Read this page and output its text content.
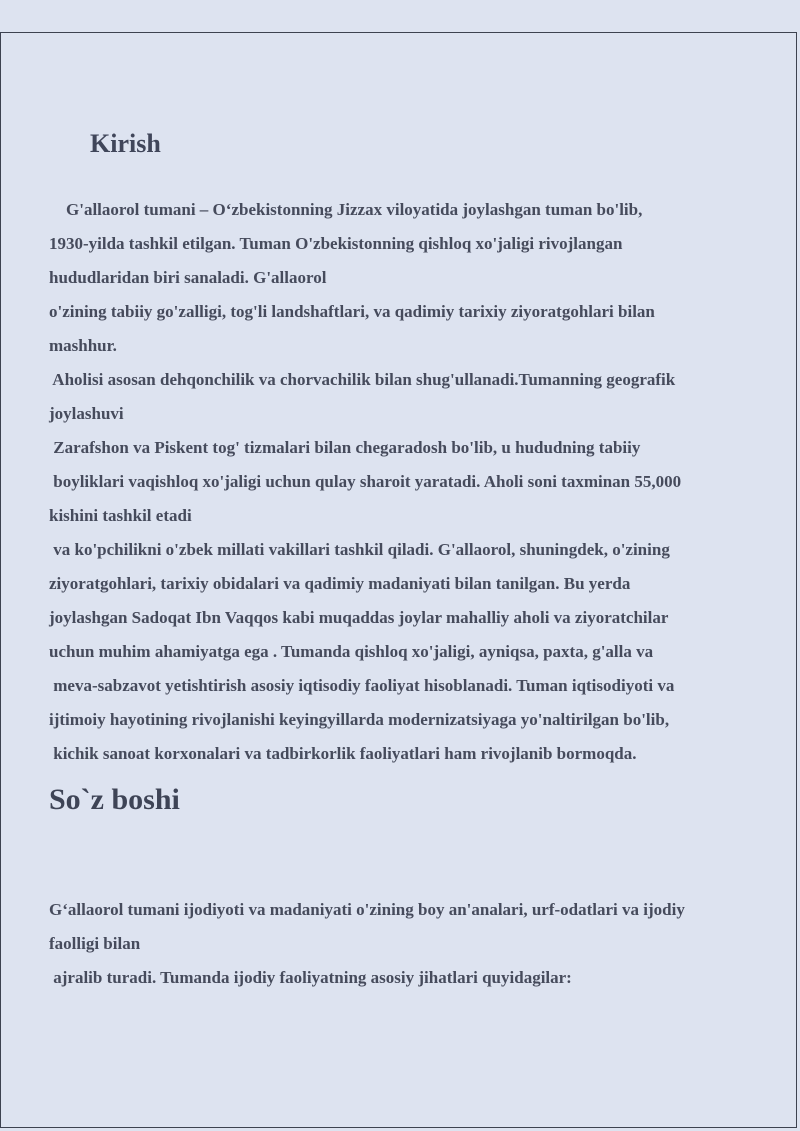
Kirish
G'allaorol tumani – O‘zbekistonning Jizzax viloyatida joylashgan tuman bo'lib,
1930-yilda tashkil etilgan. Tuman O'zbekistonning qishloq xo'jaligi rivojlangan
hududlaridan biri sanaladi. G'allaorol
o'zining tabiiy go'zalligi, tog'li landshaftlari, va qadimiy tarixiy ziyoratgohlari bilan
mashhur.
Aholisi asosan dehqonchilik va chorvachilik bilan shug'ullanadi.Tumanning geografik
joylashuvi
Zarafshon va Piskent tog' tizmalari bilan chegaradosh bo'lib, u hududning tabiiy
boyliklari vaqishloq xo'jaligi uchun qulay sharoit yaratadi. Aholi soni taxminan 55,000
kishini tashkil etadi
va ko'pchilikni o'zbek millati vakillari tashkil qiladi. G'allaorol, shuningdek, o'zining
ziyoratgohlari, tarixiy obidalari va qadimiy madaniyati bilan tanilgan. Bu yerda
joylashgan Sadoqat Ibn Vaqqos kabi muqaddas joylar mahalliy aholi va ziyoratchilar
uchun muhim ahamiyatga ega . Tumanda qishloq xo'jaligi, ayniqsa, paxta, g'alla va
meva-sabzavot yetishtirish asosiy iqtisodiy faoliyat hisoblanadi. Tuman iqtisodiyoti va
ijtimoiy hayotining rivojlanishi keyingyillarda modernizatsiyaga yo'naltirilgan bo'lib,
kichik sanoat korxonalari va tadbirkorlik faoliyatlari ham rivojlanib bormoqda.
So`z boshi
G‘allaorol tumani ijodiyoti va madaniyati o'zining boy an'analari, urf-odatlari va ijodiy
faolligi bilan
ajralib turadi. Tumanda ijodiy faoliyatning asosiy jihatlari quyidagilar:
